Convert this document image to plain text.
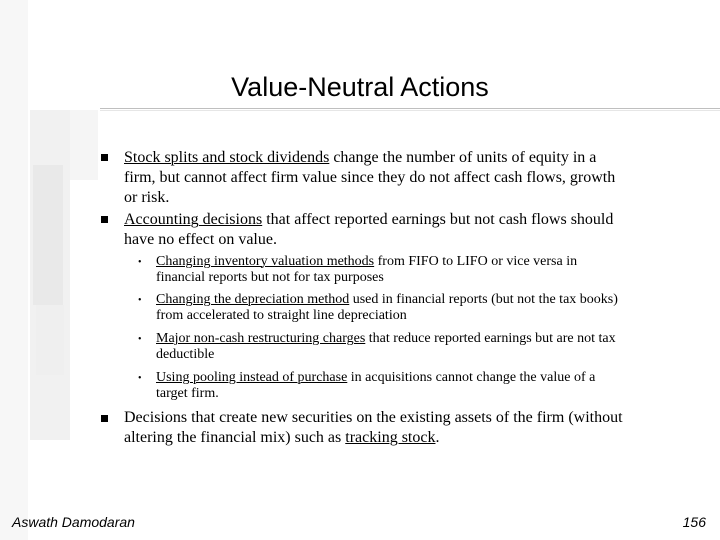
Value-Neutral Actions
Stock splits and stock dividends change the number of units of equity in a
firm, but cannot affect firm value since they do not affect cash flows, growth
or risk.
Accounting decisions that affect reported earnings but not cash flows should
have no effect on value.
• Changing inventory valuation methods from FIFO to LIFO or vice versa in
financial reports but not for tax purposes
• Changing the depreciation method used in financial reports (but not the tax books)
from accelerated to straight line depreciation
• Major non-cash restructuring charges that reduce reported earnings but are not tax
deductible
• Using pooling instead of purchase in acquisitions cannot change the value of a
target firm.
Decisions that create new securities on the existing assets of the firm (without
altering the financial mix) such as tracking stock.
Aswath Damodaran	156
